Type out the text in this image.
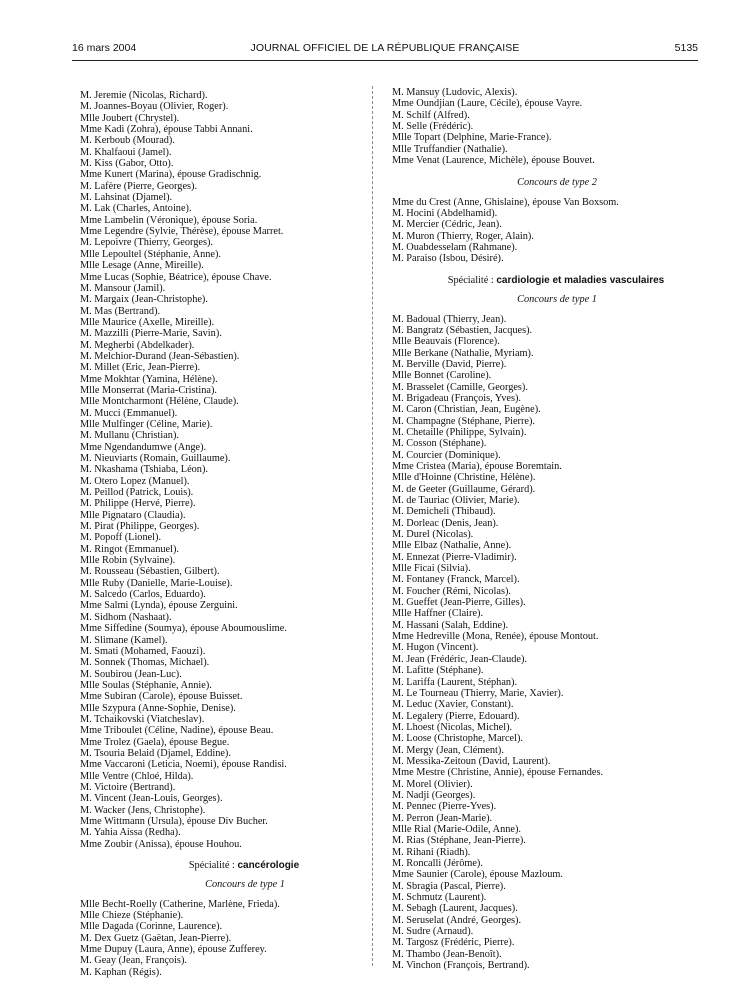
16 mars 2004	JOURNAL OFFICIEL DE LA RÉPUBLIQUE FRANÇAISE	5135
M. Jeremie (Nicolas, Richard).
M. Joannes-Boyau (Olivier, Roger).
Mlle Joubert (Chrystel).
Mme Kadi (Zohra), épouse Tabbi Annani.
M. Kerboub (Mourad).
M. Khalfaoui (Jamel).
M. Kiss (Gabor, Otto).
Mme Kunert (Marina), épouse Gradischnig.
M. Lafère (Pierre, Georges).
M. Lahsinat (Djamel).
M. Lak (Charles, Antoine).
Mme Lambelin (Véronique), épouse Soria.
Mme Legendre (Sylvie, Thérèse), épouse Marret.
M. Lepoivre (Thierry, Georges).
Mlle Lepoultel (Stéphanie, Anne).
Mlle Lesage (Anne, Mireille).
Mme Lucas (Sophie, Béatrice), épouse Chave.
M. Mansour (Jamil).
M. Margaix (Jean-Christophe).
M. Mas (Bertrand).
Mlle Maurice (Axelle, Mireille).
M. Mazzilli (Pierre-Marie, Savin).
M. Megherbi (Abdelkader).
M. Melchior-Durand (Jean-Sébastien).
M. Millet (Eric, Jean-Pierre).
Mme Mokhtar (Yamina, Hélène).
Mlle Monserrat (Maria-Cristina).
Mlle Montcharmont (Hélène, Claude).
M. Mucci (Emmanuel).
Mlle Mulfinger (Céline, Marie).
M. Mullanu (Christian).
Mme Ngendandumwe (Ange).
M. Nieuviarts (Romain, Guillaume).
M. Nkashama (Tshiaba, Léon).
M. Otero Lopez (Manuel).
M. Peillod (Patrick, Louis).
M. Philippe (Hervé, Pierre).
Mlle Pignataro (Claudia).
M. Pirat (Philippe, Georges).
M. Popoff (Lionel).
M. Ringot (Emmanuel).
Mlle Robin (Sylvaine).
M. Rousseau (Sébastien, Gilbert).
Mlle Ruby (Danielle, Marie-Louise).
M. Salcedo (Carlos, Eduardo).
Mme Salmi (Lynda), épouse Zerguini.
M. Sidhom (Nashaat).
Mme Siffedine (Soumya), épouse Aboumouslime.
M. Slimane (Kamel).
M. Smati (Mohamed, Faouzi).
M. Sonnek (Thomas, Michael).
M. Soubirou (Jean-Luc).
Mlle Soulas (Stéphanie, Annie).
Mme Subiran (Carole), épouse Buisset.
Mlle Szypura (Anne-Sophie, Denise).
M. Tchaikovski (Viatcheslav).
Mme Triboulet (Céline, Nadine), épouse Beau.
Mme Trolez (Gaela), épouse Begue.
M. Tsouria Belaid (Djamel, Eddine).
Mme Vaccaroni (Leticia, Noemi), épouse Randisi.
Mlle Ventre (Chloé, Hilda).
M. Victoire (Bertrand).
M. Vincent (Jean-Louis, Georges).
M. Wacker (Jens, Christophe).
Mme Wittmann (Ursula), épouse Div Bucher.
M. Yahia Aissa (Redha).
Mme Zoubir (Anissa), épouse Houhou.
Spécialité : cancérologie
Concours de type 1
Mlle Becht-Roelly (Catherine, Marlène, Frieda).
Mlle Chieze (Stéphanie).
Mlle Dagada (Corinne, Laurence).
M. Dex Guetz (Gaëtan, Jean-Pierre).
Mme Dupuy (Laura, Anne), épouse Zufferey.
M. Geay (Jean, François).
M. Kaphan (Régis).
M. Mansuy (Ludovic, Alexis).
Mme Oundjian (Laure, Cécile), épouse Vayre.
M. Schilf (Alfred).
M. Selle (Frédéric).
Mlle Topart (Delphine, Marie-France).
Mlle Truffandier (Nathalie).
Mme Venat (Laurence, Michèle), épouse Bouvet.
Concours de type 2
Mme du Crest (Anne, Ghislaine), épouse Van Boxsom.
M. Hocini (Abdelhamid).
M. Mercier (Cédric, Jean).
M. Muron (Thierry, Roger, Alain).
M. Ouabdesselam (Rahmane).
M. Paraiso (Isbou, Désiré).
Spécialité : cardiologie et maladies vasculaires
Concours de type 1
M. Badoual (Thierry, Jean).
M. Bangratz (Sébastien, Jacques).
Mlle Beauvais (Florence).
Mlle Berkane (Nathalie, Myriam).
M. Berville (David, Pierre).
Mlle Bonnet (Caroline).
M. Brasselet (Camille, Georges).
M. Brigadeau (François, Yves).
M. Caron (Christian, Jean, Eugène).
M. Champagne (Stéphane, Pierre).
M. Chetaille (Philippe, Sylvain).
M. Cosson (Stéphane).
M. Courcier (Dominique).
Mme Cristea (Maria), épouse Boremtain.
Mlle d'Hoinne (Christine, Hélène).
M. de Geeter (Guillaume, Gérard).
M. de Tauriac (Olivier, Marie).
M. Demicheli (Thibaud).
M. Dorleac (Denis, Jean).
M. Durel (Nicolas).
Mlle Elbaz (Nathalie, Anne).
M. Ennezat (Pierre-Vladimir).
Mlle Ficai (Silvia).
M. Fontaney (Franck, Marcel).
M. Foucher (Rémi, Nicolas).
M. Gueffet (Jean-Pierre, Gilles).
Mlle Haffner (Claire).
M. Hassani (Salah, Eddine).
Mme Hedreville (Mona, Renée), épouse Montout.
M. Hugon (Vincent).
M. Jean (Frédéric, Jean-Claude).
M. Lafitte (Stéphane).
M. Lariffa (Laurent, Stéphan).
M. Le Tourneau (Thierry, Marie, Xavier).
M. Leduc (Xavier, Constant).
M. Legalery (Pierre, Edouard).
M. Lhoest (Nicolas, Michel).
M. Loose (Christophe, Marcel).
M. Mergy (Jean, Clément).
M. Messika-Zeitoun (David, Laurent).
Mme Mestre (Christine, Annie), épouse Fernandes.
M. Morel (Olivier).
M. Nadji (Georges).
M. Pennec (Pierre-Yves).
M. Perron (Jean-Marie).
Mlle Rial (Marie-Odile, Anne).
M. Rias (Stéphane, Jean-Pierre).
M. Rihani (Riadh).
M. Roncalli (Jérôme).
Mme Saunier (Carole), épouse Mazloum.
M. Sbragia (Pascal, Pierre).
M. Schmutz (Laurent).
M. Sebagh (Laurent, Jacques).
M. Seruselat (André, Georges).
M. Sudre (Arnaud).
M. Targosz (Frédéric, Pierre).
M. Thambo (Jean-Benoît).
M. Vinchon (François, Bertrand).
